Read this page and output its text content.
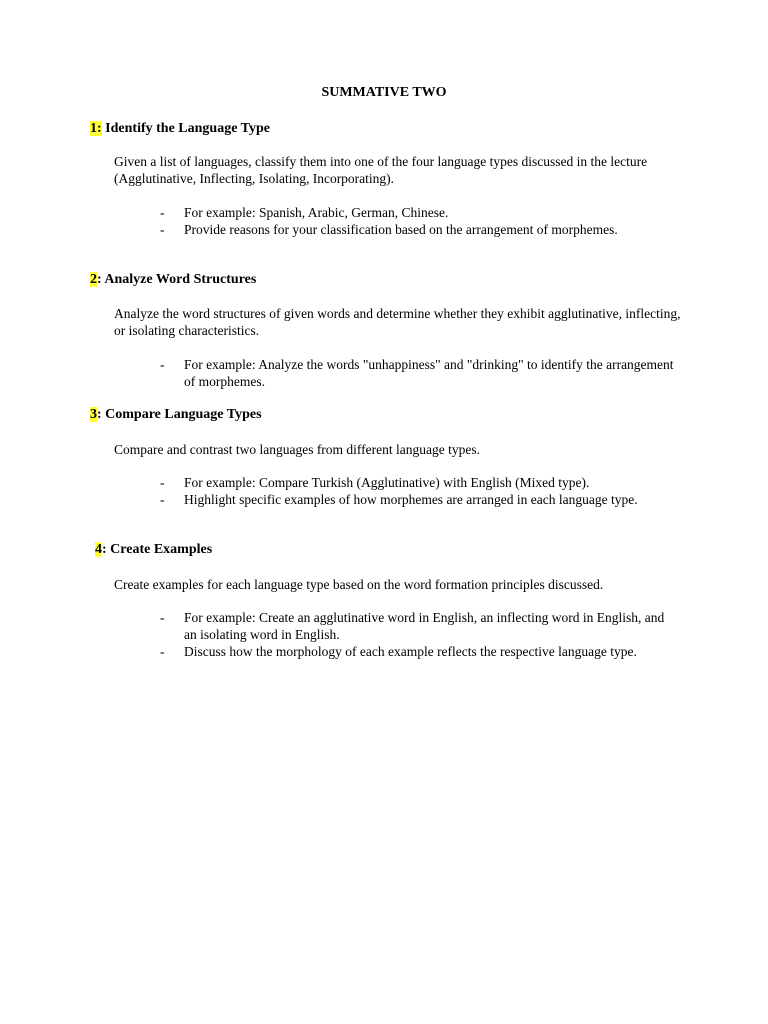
SUMMATIVE TWO
1: Identify the Language Type
Given a list of languages, classify them into one of the four language types discussed in the lecture (Agglutinative, Inflecting, Isolating, Incorporating).
- For example: Spanish, Arabic, German, Chinese.
- Provide reasons for your classification based on the arrangement of morphemes.
2: Analyze Word Structures
Analyze the word structures of given words and determine whether they exhibit agglutinative, inflecting, or isolating characteristics.
- For example: Analyze the words "unhappiness" and "drinking" to identify the arrangement of morphemes.
3: Compare Language Types
Compare and contrast two languages from different language types.
- For example: Compare Turkish (Agglutinative) with English (Mixed type).
- Highlight specific examples of how morphemes are arranged in each language type.
4: Create Examples
Create examples for each language type based on the word formation principles discussed.
- For example: Create an agglutinative word in English, an inflecting word in English, and an isolating word in English.
- Discuss how the morphology of each example reflects the respective language type.
